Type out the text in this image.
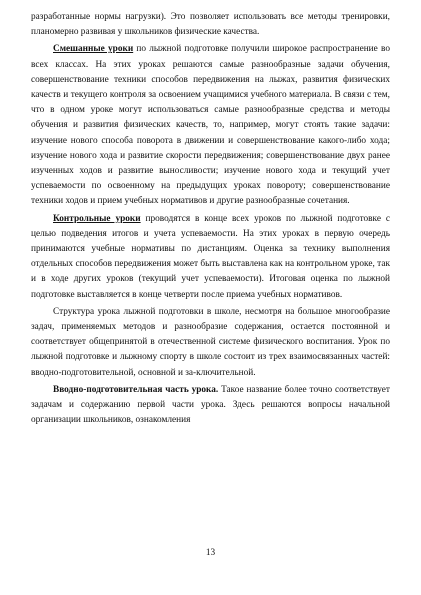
разработанные нормы нагрузки). Это позволяет использовать все методы тренировки, планомерно развивая у школьников физические качества.

Смешанные уроки по лыжной подготовке получили широкое распространение во всех классах. На этих уроках решаются самые разнообразные задачи обучения, совершенствование техники способов передвижения на лыжах, развития физических качеств и текущего контроля за освоением учащимися учебного материала. В связи с тем, что в одном уроке могут использоваться самые разнообразные средства и методы обучения и развития физических качеств, то, например, могут стоять такие задачи: изучение нового способа поворота в движении и совершенствование какого-либо хода; изучение нового хода и развитие скорости передвижения; совершенствование двух ранее изученных ходов и развитие выносливости; изучение нового хода и текущий учет успеваемости по освоенному на предыдущих уроках повороту; совершенствование техники ходов и прием учебных нормативов и другие разнообразные сочетания.

Контрольные уроки проводятся в конце всех уроков по лыжной подготовке с целью подведения итогов и учета успеваемости. На этих уроках в первую очередь принимаются учебные нормативы по дистанциям. Оценка за технику выполнения отдельных способов передвижения может быть выставлена как на контрольном уроке, так и в ходе других уроков (текущий учет успеваемости). Итоговая оценка по лыжной подготовке выставляется в конце четверти после приема учебных нормативов.

Структура урока лыжной подготовки в школе, несмотря на большое многообразие задач, применяемых методов и разнообразие содержания, остается постоянной и соответствует общепринятой в отечественной системе физического воспитания. Урок по лыжной подготовке и лыжному спорту в школе состоит из трех взаимосвязанных частей: вводно-подготовительной, основной и за-ключительной.

Вводно-подготовительная часть урока. Такое название более точно соответствует задачам и содержанию первой части урока. Здесь решаются вопросы начальной организации школьников, ознакомления

13
